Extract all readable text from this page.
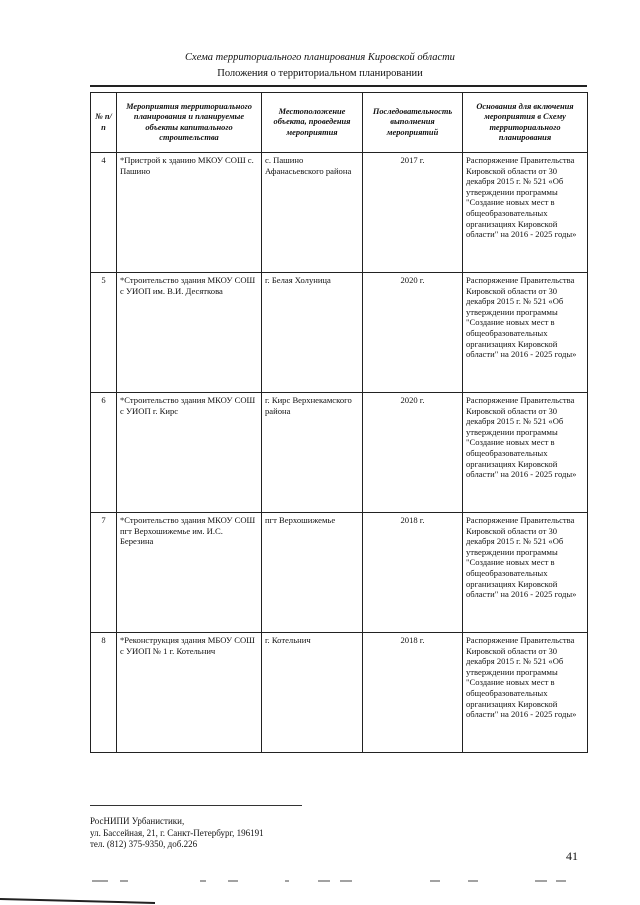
Схема территориального планирования Кировской области
Положения о территориальном планировании
№ п/п	Мероприятия территориального планирования и планируемые объекты капитального строительства	Местоположение объекта, проведения мероприятия	Последовательность выполнения мероприятий	Основания для включения мероприятия в Схему территориального планирования
4	*Пристрой к зданию МКОУ СОШ с. Пашино	с. Пашино Афанасьевского района	2017 г.	Распоряжение Правительства Кировской области от 30 декабря 2015 г. № 521 «Об утверждении программы "Создание новых мест в общеобразовательных организациях Кировской области" на 2016 - 2025 годы»
5	*Строительство здания МКОУ СОШ с УИОП им. В.И. Десяткова	г. Белая Холуница	2020 г.	Распоряжение Правительства Кировской области от 30 декабря 2015 г. № 521 «Об утверждении программы "Создание новых мест в общеобразовательных организациях Кировской области" на 2016 - 2025 годы»
6	*Строительство здания МКОУ СОШ с УИОП г. Кирс	г. Кирс Верхнекамского района	2020 г.	Распоряжение Правительства Кировской области от 30 декабря 2015 г. № 521 «Об утверждении программы "Создание новых мест в общеобразовательных организациях Кировской области" на 2016 - 2025 годы»
7	*Строительство здания МКОУ СОШ пгт Верхошижемье им. И.С. Березина	пгт Верхошижемье	2018 г.	Распоряжение Правительства Кировской области от 30 декабря 2015 г. № 521 «Об утверждении программы "Создание новых мест в общеобразовательных организациях Кировской области" на 2016 - 2025 годы»
8	*Реконструкция здания МБОУ СОШ с УИОП № 1 г. Котельнич	г. Котельнич	2018 г.	Распоряжение Правительства Кировской области от 30 декабря 2015 г. № 521 «Об утверждении программы "Создание новых мест в общеобразовательных организациях Кировской области" на 2016 - 2025 годы»
РосНИПИ Урбанистики,
ул. Бассейная, 21, г. Санкт-Петербург, 196191
тел. (812) 375-9350, доб.226
41
